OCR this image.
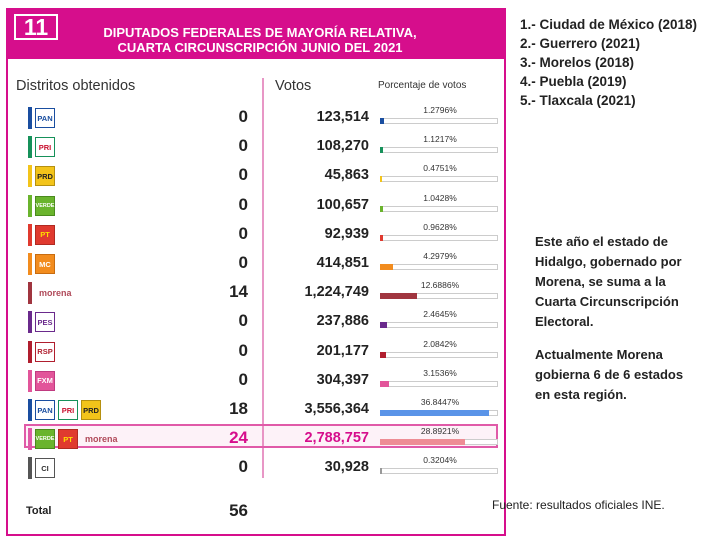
11	DIPUTADOS FEDERALES DE MAYORÍA RELATIVA,
CUARTA CIRCUNSCRIPCIÓN JUNIO DEL 2021
Distritos obtenidos	Votos	Porcentaje de votos
PAN	0	123,514	1.2796%
PRI	0	108,270	1.1217%
PRD	0	45,863	0.4751%
VERDE	0	100,657	1.0428%
PT	0	92,939	0.9628%
MC	0	414,851	4.2979%
morena	14	1,224,749	12.6886%
PES	0	237,886	2.4645%
RSP	0	201,177	2.0842%
FXM	0	304,397	3.1536%
PAN	PRI	PRD	18	3,556,364	36.8447%
VERDE	PT	morena	24	2,788,757	28.8921%
CI	0	30,928	0.3204%
Total	56
1.- Ciudad de México (2018)
2.- Guerrero (2021)
3.- Morelos (2018)
4.- Puebla (2019)
5.- Tlaxcala (2021)
Este año el estado de
Hidalgo, gobernado por
Morena, se suma a la
Cuarta Circunscripción
Electoral.
Actualmente Morena
gobierna 6 de 6 estados
en esta región.
Fuente: resultados oficiales INE.
